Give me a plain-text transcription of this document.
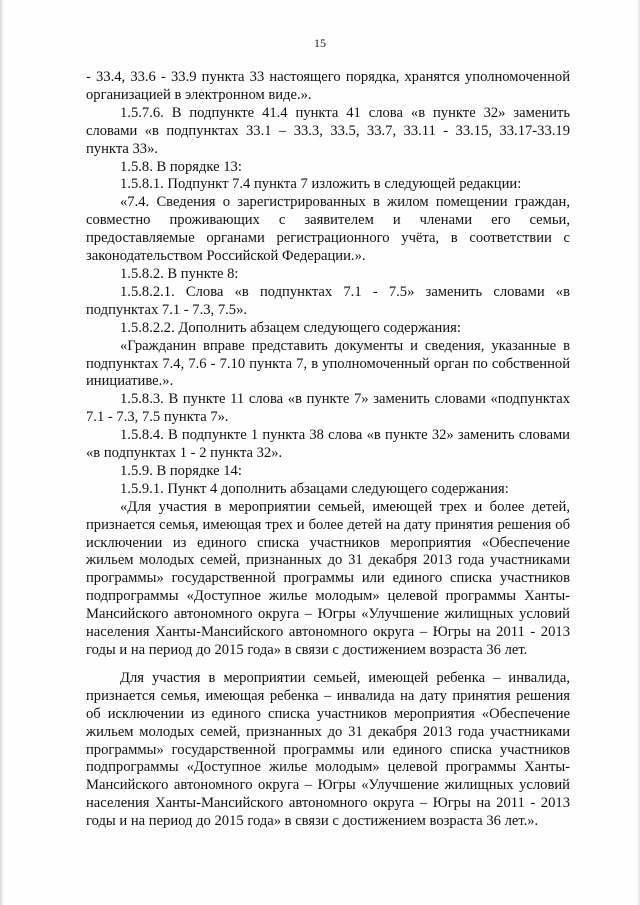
15

- 33.4, 33.6 - 33.9 пункта 33 настоящего порядка, хранятся уполномоченной организацией в электронном виде.».

1.5.7.6. В подпункте 41.4 пункта 41 слова «в пункте 32» заменить словами «в подпунктах 33.1 – 33.3, 33.5, 33.7, 33.11 - 33.15, 33.17-33.19 пункта 33».

1.5.8. В порядке 13:

1.5.8.1. Подпункт 7.4 пункта 7 изложить в следующей редакции:

«7.4. Сведения о зарегистрированных в жилом помещении граждан, совместно проживающих с заявителем и членами его семьи, предоставляемые органами регистрационного учёта, в соответствии с законодательством Российской Федерации.».

1.5.8.2. В пункте 8:

1.5.8.2.1. Слова «в подпунктах 7.1 - 7.5» заменить словами «в подпунктах 7.1 - 7.3, 7.5».

1.5.8.2.2. Дополнить абзацем следующего содержания:

«Гражданин вправе представить документы и сведения, указанные в подпунктах 7.4, 7.6 - 7.10 пункта 7, в уполномоченный орган по собственной инициативе.».

1.5.8.3. В пункте 11 слова «в пункте 7» заменить словами «подпунктах 7.1 - 7.3, 7.5 пункта 7».

1.5.8.4. В подпункте 1 пункта 38 слова «в пункте 32» заменить словами «в подпунктах 1 - 2 пункта 32».

1.5.9. В порядке 14:

1.5.9.1. Пункт 4 дополнить абзацами следующего содержания:

«Для участия в мероприятии семьей, имеющей трех и более детей, признается семья, имеющая трех и более детей на дату принятия решения об исключении из единого списка участников мероприятия «Обеспечение жильем молодых семей, признанных до 31 декабря 2013 года участниками программы» государственной программы или единого списка участников подпрограммы «Доступное жилье молодым» целевой программы Ханты-Мансийского автономного округа – Югры «Улучшение жилищных условий населения Ханты-Мансийского автономного округа – Югры на 2011 - 2013 годы и на период до 2015 года» в связи с достижением возраста 36 лет.

Для участия в мероприятии семьей, имеющей ребенка – инвалида, признается семья, имеющая ребенка – инвалида на дату принятия решения об исключении из единого списка участников мероприятия «Обеспечение жильем молодых семей, признанных до 31 декабря 2013 года участниками программы» государственной программы или единого списка участников подпрограммы «Доступное жилье молодым» целевой программы Ханты-Мансийского автономного округа – Югры «Улучшение жилищных условий населения Ханты-Мансийского автономного округа – Югры на 2011 - 2013 годы и на период до 2015 года» в связи с достижением возраста 36 лет.».
